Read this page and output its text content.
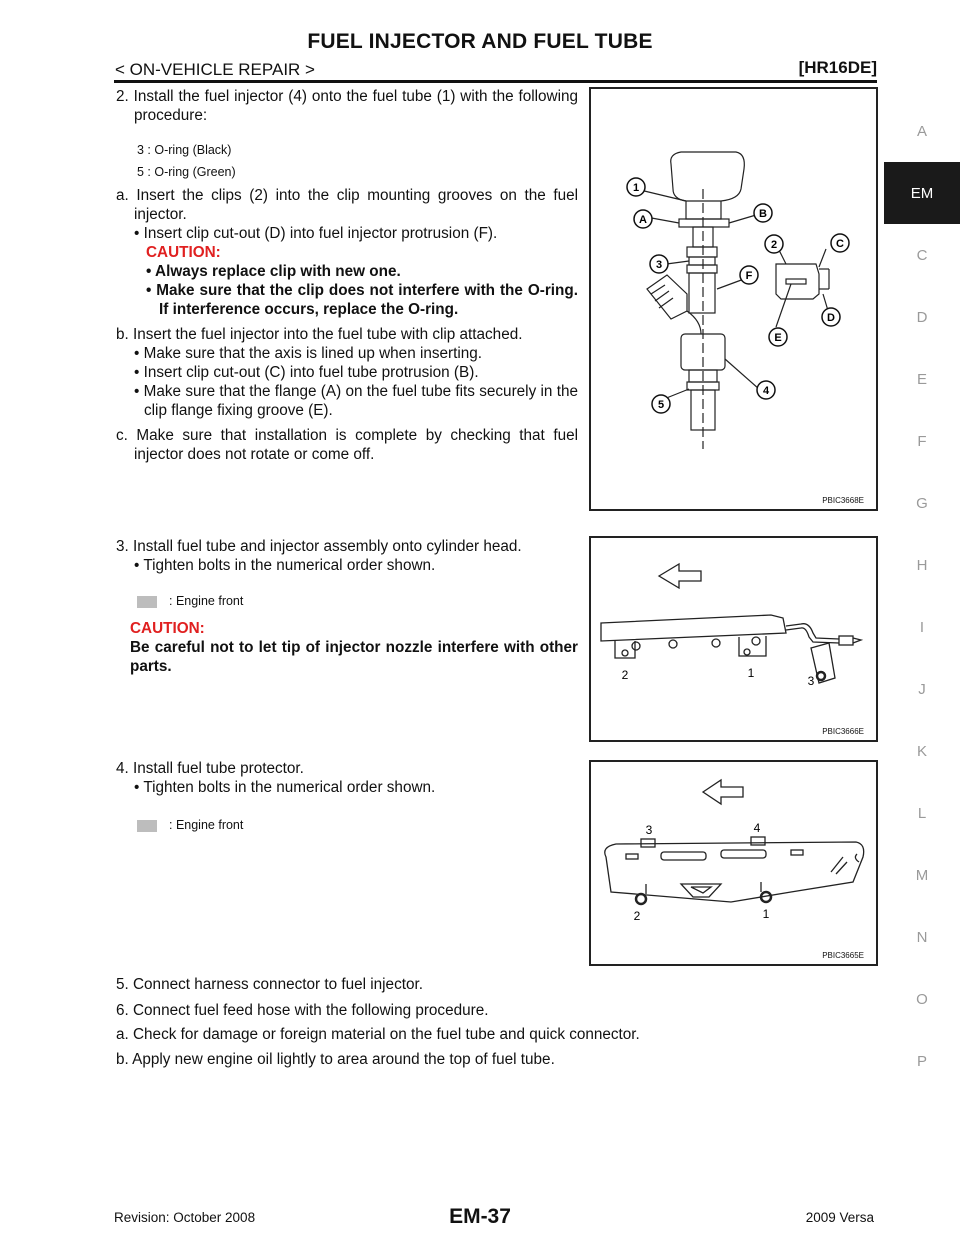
FUEL INJECTOR AND FUEL TUBE
< ON-VEHICLE REPAIR >	[HR16DE]
A
EM
C
D
E
F
G
H
I
J
K
L
M
N
O
P
2. Install the fuel injector (4) onto the fuel tube (1) with the following procedure:
3 : O-ring (Black)
5 : O-ring (Green)
a. Insert the clips (2) into the clip mounting grooves on the fuel injector.
• Insert clip cut-out (D) into fuel injector protrusion (F).
CAUTION:
• Always replace clip with new one.
• Make sure that the clip does not interfere with the O-ring. If interference occurs, replace the O-ring.
b. Insert the fuel injector into the fuel tube with clip attached.
• Make sure that the axis is lined up when inserting.
• Insert clip cut-out (C) into fuel tube protrusion (B).
• Make sure that the flange (A) on the fuel tube fits securely in the clip flange fixing groove (E).
c. Make sure that installation is complete by checking that fuel injector does not rotate or come off.
1
A	B
2	C
3
F
D
E
4
5
PBIC3668E
3. Install fuel tube and injector assembly onto cylinder head.
• Tighten bolts in the numerical order shown.
: Engine front
CAUTION:
Be careful not to let tip of injector nozzle interfere with other parts.	2	1
3
PBIC3666E
4. Install fuel tube protector.
• Tighten bolts in the numerical order shown.
: Engine front	3	4
2	1
PBIC3665E
5. Connect harness connector to fuel injector.
6. Connect fuel feed hose with the following procedure.
a. Check for damage or foreign material on the fuel tube and quick connector.
b. Apply new engine oil lightly to area around the top of fuel tube.
Revision: October 2008	EM-37	2009 Versa
